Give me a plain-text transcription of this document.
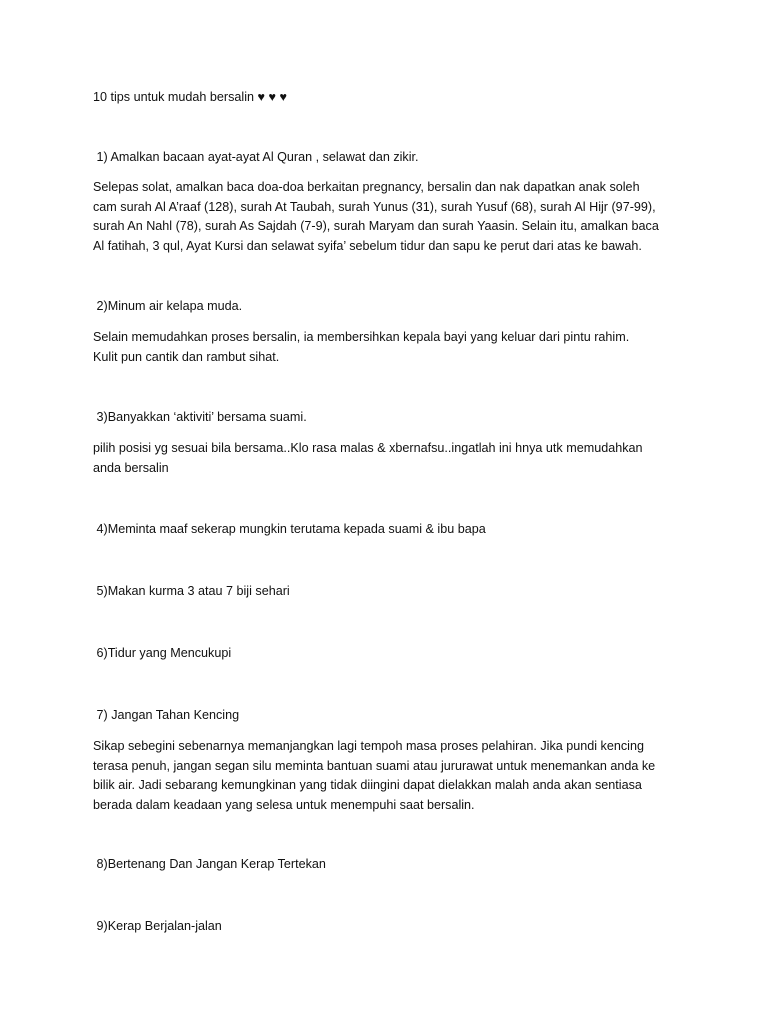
10 tips untuk mudah bersalin ♥ ♥ ♥
1) Amalkan bacaan ayat-ayat Al Quran , selawat dan zikir.
Selepas solat, amalkan baca doa-doa berkaitan pregnancy, bersalin dan nak dapatkan anak soleh
cam surah Al A’raaf (128), surah At Taubah, surah Yunus (31), surah Yusuf (68), surah Al Hijr (97-99),
surah An Nahl (78), surah As Sajdah (7-9), surah Maryam dan surah Yaasin. Selain itu, amalkan baca
Al fatihah, 3 qul, Ayat Kursi dan selawat syifa’ sebelum tidur dan sapu ke perut dari atas ke bawah.
2)Minum air kelapa muda.
Selain memudahkan proses bersalin, ia membersihkan kepala bayi yang keluar dari pintu rahim.
Kulit pun cantik dan rambut sihat.
3)Banyakkan ‘aktiviti’ bersama suami.
pilih posisi yg sesuai bila bersama..Klo rasa malas & xbernafsu..ingatlah ini hnya utk memudahkan
anda bersalin
4)Meminta maaf sekerap mungkin terutama kepada suami & ibu bapa
5)Makan kurma 3 atau 7 biji sehari
6)Tidur yang Mencukupi
7) Jangan Tahan Kencing
Sikap sebegini sebenarnya memanjangkan lagi tempoh masa proses pelahiran. Jika pundi kencing
terasa penuh, jangan segan silu meminta bantuan suami atau jururawat untuk menemankan anda ke
bilik air. Jadi sebarang kemungkinan yang tidak diingini dapat dielakkan malah anda akan sentiasa
berada dalam keadaan yang selesa untuk menempuhi saat bersalin.
8)Bertenang Dan Jangan Kerap Tertekan
9)Kerap Berjalan-jalan
